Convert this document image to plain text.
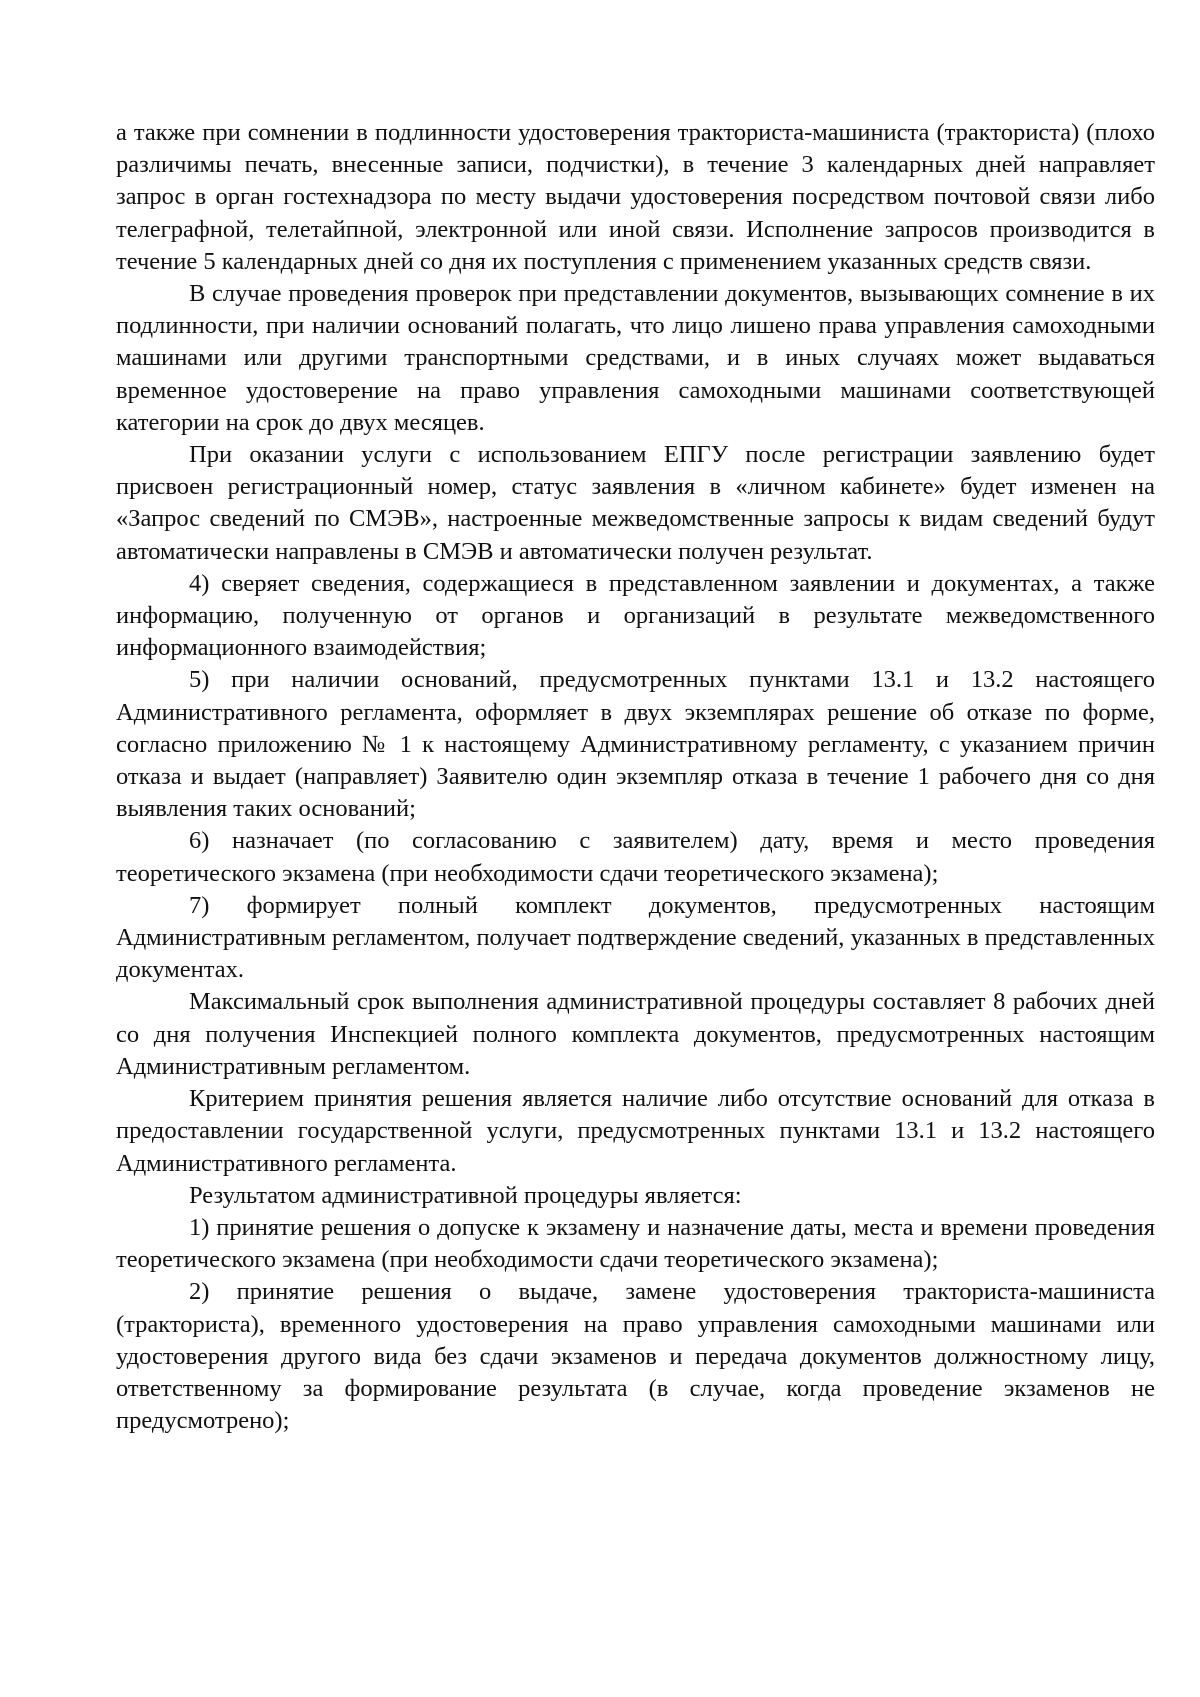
а также при сомнении в подлинности удостоверения тракториста-машиниста (тракториста) (плохо различимы печать, внесенные записи, подчистки), в течение 3 календарных дней направляет запрос в орган гостехнадзора по месту выдачи удостоверения посредством почтовой связи либо телеграфной, телетайпной, электронной или иной связи. Исполнение запросов производится в течение 5 календарных дней со дня их поступления с применением указанных средств связи.

В случае проведения проверок при представлении документов, вызывающих сомнение в их подлинности, при наличии оснований полагать, что лицо лишено права управления самоходными машинами или другими транспортными средствами, и в иных случаях может выдаваться временное удостоверение на право управления самоходными машинами соответствующей категории на срок до двух месяцев.

При оказании услуги с использованием ЕПГУ после регистрации заявлению будет присвоен регистрационный номер, статус заявления в «личном кабинете» будет изменен на «Запрос сведений по СМЭВ», настроенные межведомственные запросы к видам сведений будут автоматически направлены в СМЭВ и автоматически получен результат.

4) сверяет сведения, содержащиеся в представленном заявлении и документах, а также информацию, полученную от органов и организаций в результате межведомственного информационного взаимодействия;

5) при наличии оснований, предусмотренных пунктами 13.1 и 13.2 настоящего Административного регламента, оформляет в двух экземплярах решение об отказе по форме, согласно приложению № 1 к настоящему Административному регламенту, с указанием причин отказа и выдает (направляет) Заявителю один экземпляр отказа в течение 1 рабочего дня со дня выявления таких оснований;

6) назначает (по согласованию с заявителем) дату, время и место проведения теоретического экзамена (при необходимости сдачи теоретического экзамена);

7) формирует полный комплект документов, предусмотренных настоящим Административным регламентом, получает подтверждение сведений, указанных в представленных документах.

Максимальный срок выполнения административной процедуры составляет 8 рабочих дней со дня получения Инспекцией полного комплекта документов, предусмотренных настоящим Административным регламентом.

Критерием принятия решения является наличие либо отсутствие оснований для отказа в предоставлении государственной услуги, предусмотренных пунктами 13.1 и 13.2 настоящего Административного регламента.

Результатом административной процедуры является:

1) принятие решения о допуске к экзамену и назначение даты, места и времени проведения теоретического экзамена (при необходимости сдачи теоретического экзамена);

2) принятие решения о выдаче, замене удостоверения тракториста-машиниста (тракториста), временного удостоверения на право управления самоходными машинами или удостоверения другого вида без сдачи экзаменов и передача документов должностному лицу, ответственному за формирование результата (в случае, когда проведение экзаменов не предусмотрено);
